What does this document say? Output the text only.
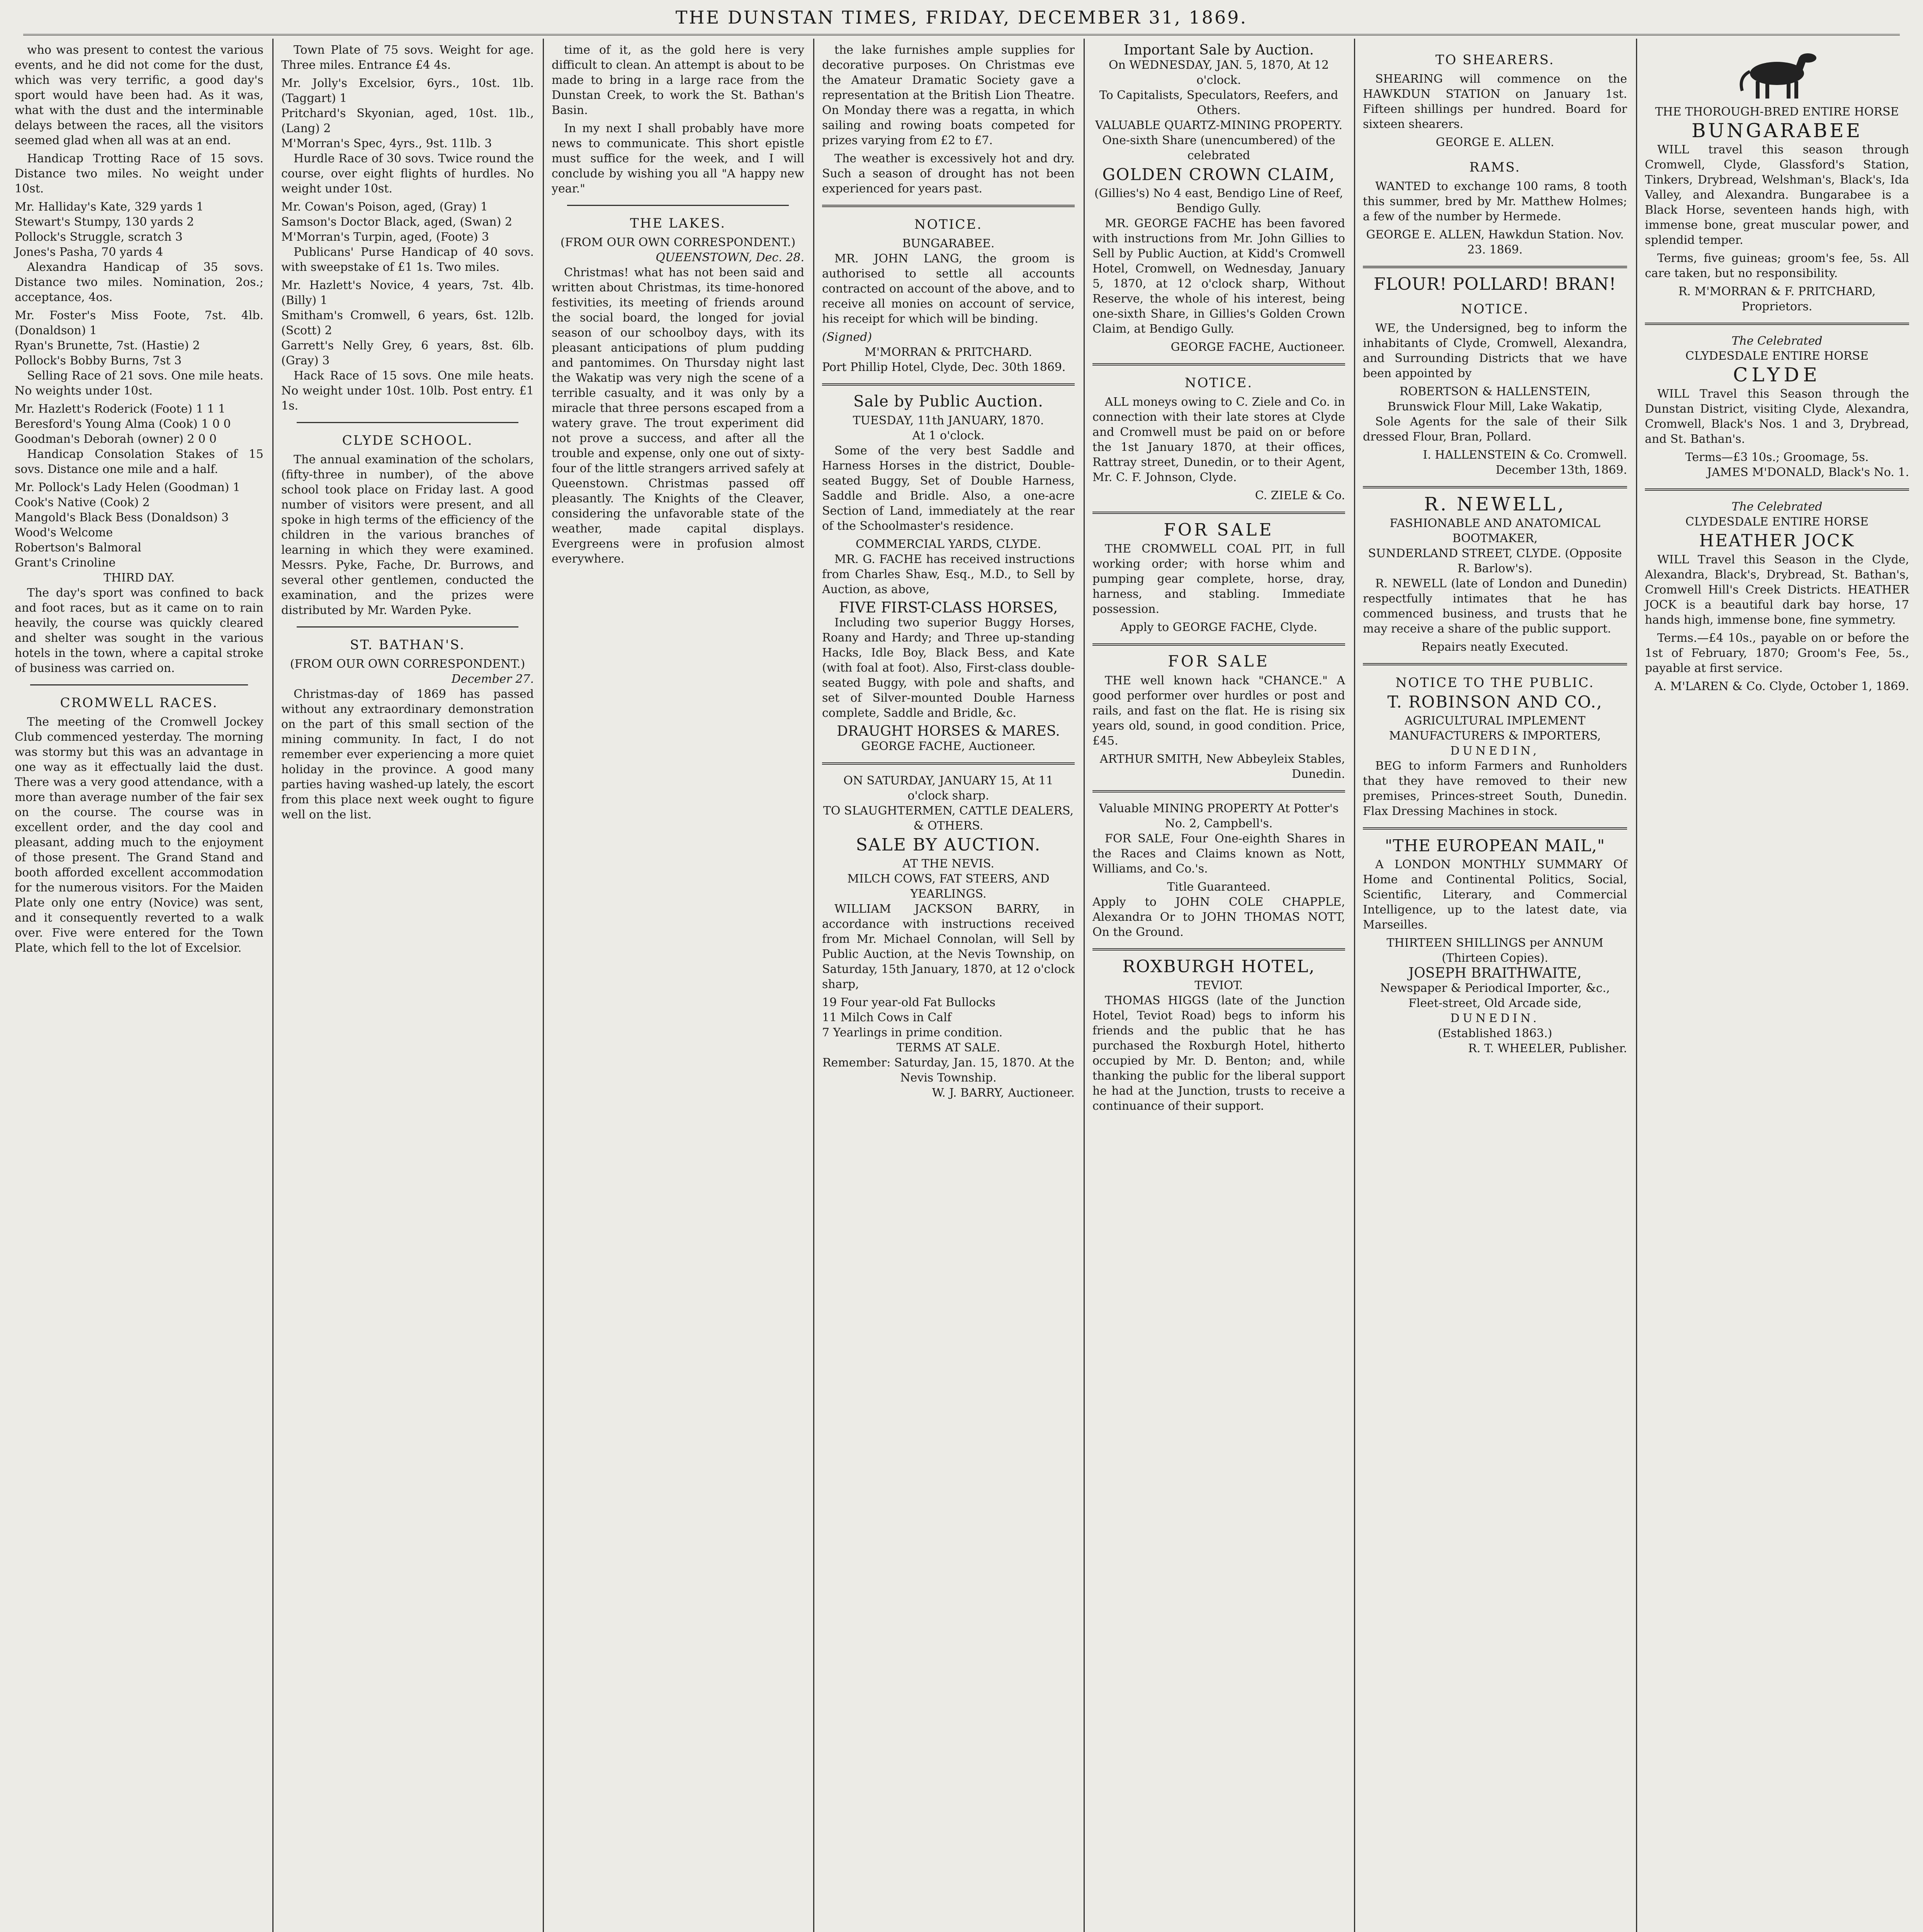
THE DUNSTAN TIMES, FRIDAY, DECEMBER 31, 1869.

who was present to contest the various events, and he did not come for the dust, which was very terrific, a good day's sport would have been had. As it was, what with the dust and the interminable delays between the races, all the visitors seemed glad when all was at an end.

Handicap Trotting Race of 15 sovs. Distance two miles. No weight under 10st.

Mr. Halliday's Kate, 329 yards 1
Stewart's Stumpy, 130 yards 2
Pollock's Struggle, scratch 3
Jones's Pasha, 70 yards 4

Alexandra Handicap of 35 sovs. Distance two miles. Nomination, 2os.; acceptance, 4os.

Mr. Foster's Miss Foote, 7st. 4lb. (Donaldson) 1
Ryan's Brunette, 7st. (Hastie) 2
Pollock's Bobby Burns, 7st 3

Selling Race of 21 sovs. One mile heats. No weights under 10st.

Mr. Hazlett's Roderick (Foote) 1 1 1
Beresford's Young Alma (Cook) 1 0 0
Goodman's Deborah (owner) 2 0 0

Handicap Consolation Stakes of 15 sovs. Distance one mile and a half.

Mr. Pollock's Lady Helen (Goodman) 1
Cook's Native (Cook) 2
Mangold's Black Bess (Donaldson) 3
Wood's Welcome
Robertson's Balmoral
Grant's Crinoline
THIRD DAY.

The day's sport was confined to back and foot races, but as it came on to rain heavily, the course was quickly cleared and shelter was sought in the various hotels in the town, where a capital stroke of business was carried on.

CROMWELL RACES.

The meeting of the Cromwell Jockey Club commenced yesterday. The morning was stormy but this was an advantage in one way as it effectually laid the dust. There was a very good attendance, with a more than average number of the fair sex on the course. The course was in excellent order, and the day cool and pleasant, adding much to the enjoyment of those present. The Grand Stand and booth afforded excellent accommodation for the numerous visitors. For the Maiden Plate only one entry (Novice) was sent, and it consequently reverted to a walk over. Five were entered for the Town Plate, which fell to the lot of Excelsior.

Town Plate of 75 sovs. Weight for age. Three miles. Entrance £4 4s.

Mr. Jolly's Excelsior, 6yrs., 10st. 1lb. (Taggart) 1
Pritchard's Skyonian, aged, 10st. 1lb., (Lang) 2
M'Morran's Spec, 4yrs., 9st. 11lb. 3

Hurdle Race of 30 sovs. Twice round the course, over eight flights of hurdles. No weight under 10st.

Mr. Cowan's Poison, aged, (Gray) 1
Samson's Doctor Black, aged, (Swan) 2
M'Morran's Turpin, aged, (Foote) 3

Publicans' Purse Handicap of 40 sovs. with sweepstake of £1 1s. Two miles.

Mr. Hazlett's Novice, 4 years, 7st. 4lb. (Billy) 1
Smitham's Cromwell, 6 years, 6st. 12lb. (Scott) 2
Garrett's Nelly Grey, 6 years, 8st. 6lb. (Gray) 3

Hack Race of 15 sovs. One mile heats. No weight under 10st. 10lb. Post entry. £1 1s.

CLYDE SCHOOL.

The annual examination of the scholars, (fifty-three in number), of the above school took place on Friday last. A good number of visitors were present, and all spoke in high terms of the efficiency of the children in the various branches of learning in which they were examined. Messrs. Pyke, Fache, Dr. Burrows, and several other gentlemen, conducted the examination, and the prizes were distributed by Mr. Warden Pyke.

ST. BATHAN'S.
(FROM OUR OWN CORRESPONDENT.)
December 27.

Christmas-day of 1869 has passed without any extraordinary demonstration on the part of this small section of the mining community. In fact, I do not remember ever experiencing a more quiet holiday in the province. A good many parties having washed-up lately, the escort from this place next week ought to figure well on the list.

time of it, as the gold here is very difficult to clean. An attempt is about to be made to bring in a large race from the Dunstan Creek, to work the St. Bathan's Basin.

In my next I shall probably have more news to communicate. This short epistle must suffice for the week, and I will conclude by wishing you all "A happy new year."

THE LAKES.
(FROM OUR OWN CORRESPONDENT.)
QUEENSTOWN, Dec. 28.

Christmas! what has not been said and written about Christmas, its time-honored festivities, its meeting of friends around the social board, the longed for jovial season of our schoolboy days, with its pleasant anticipations of plum pudding and pantomimes. On Thursday night last the Wakatip was very nigh the scene of a terrible casualty, and it was only by a miracle that three persons escaped from a watery grave. The trout experiment did not prove a success, and after all the trouble and expense, only one out of sixty-four of the little strangers arrived safely at Queenstown. Christmas passed off pleasantly. The Knights of the Cleaver, considering the unfavorable state of the weather, made capital displays. Evergreens were in profusion almost everywhere.

the lake furnishes ample supplies for decorative purposes. On Christmas eve the Amateur Dramatic Society gave a representation at the British Lion Theatre. On Monday there was a regatta, in which sailing and rowing boats competed for prizes varying from £2 to £7.

The weather is excessively hot and dry. Such a season of drought has not been experienced for years past.

NOTICE.
BUNGARABEE.

MR. JOHN LANG, the groom is authorised to settle all accounts contracted on account of the above, and to receive all monies on account of service, his receipt for which will be binding.

(Signed)
M'MORRAN & PRITCHARD.
Port Phillip Hotel, Clyde, Dec. 30th 1869.
Sale by Public Auction.
TUESDAY, 11th JANUARY, 1870.
At 1 o'clock.

Some of the very best Saddle and Harness Horses in the district, Double-seated Buggy, Set of Double Harness, Saddle and Bridle. Also, a one-acre Section of Land, immediately at the rear of the Schoolmaster's residence.

COMMERCIAL YARDS, CLYDE.

MR. G. FACHE has received instructions from Charles Shaw, Esq., M.D., to Sell by Auction, as above,

FIVE FIRST-CLASS HORSES,

Including two superior Buggy Horses, Roany and Hardy; and Three up-standing Hacks, Idle Boy, Black Bess, and Kate (with foal at foot). Also, First-class double-seated Buggy, with pole and shafts, and set of Silver-mounted Double Harness complete, Saddle and Bridle, &c.

DRAUGHT HORSES & MARES.
GEORGE FACHE, Auctioneer.
ON SATURDAY, JANUARY 15, At 11 o'clock sharp.
TO SLAUGHTERMEN, CATTLE DEALERS, & OTHERS.
SALE BY AUCTION.
AT THE NEVIS.
MILCH COWS, FAT STEERS, AND YEARLINGS.

WILLIAM JACKSON BARRY, in accordance with instructions received from Mr. Michael Connolan, will Sell by Public Auction, at the Nevis Township, on Saturday, 15th January, 1870, at 12 o'clock sharp,

19 Four year-old Fat Bullocks
11 Milch Cows in Calf
7 Yearlings in prime condition.
TERMS AT SALE.
Remember: Saturday, Jan. 15, 1870. At the Nevis Township.
W. J. BARRY, Auctioneer.
Important Sale by Auction.
On WEDNESDAY, JAN. 5, 1870, At 12 o'clock.
To Capitalists, Speculators, Reefers, and Others.
VALUABLE QUARTZ-MINING PROPERTY.
One-sixth Share (unencumbered) of the celebrated
GOLDEN CROWN CLAIM,
(Gillies's) No 4 east, Bendigo Line of Reef, Bendigo Gully.

MR. GEORGE FACHE has been favored with instructions from Mr. John Gillies to Sell by Public Auction, at Kidd's Cromwell Hotel, Cromwell, on Wednesday, January 5, 1870, at 12 o'clock sharp, Without Reserve, the whole of his interest, being one-sixth Share, in Gillies's Golden Crown Claim, at Bendigo Gully.

GEORGE FACHE, Auctioneer.
NOTICE.

ALL moneys owing to C. Ziele and Co. in connection with their late stores at Clyde and Cromwell must be paid on or before the 1st January 1870, at their offices, Rattray street, Dunedin, or to their Agent, Mr. C. F. Johnson, Clyde.

C. ZIELE & Co.
FOR SALE

THE CROMWELL COAL PIT, in full working order; with horse whim and pumping gear complete, horse, dray, harness, and stabling. Immediate possession.

Apply to GEORGE FACHE, Clyde.
FOR SALE

THE well known hack "CHANCE." A good performer over hurdles or post and rails, and fast on the flat. He is rising six years old, sound, in good condition. Price, £45.

ARTHUR SMITH, New Abbeyleix Stables, Dunedin.
Valuable MINING PROPERTY At Potter's No. 2, Campbell's.

FOR SALE, Four One-eighth Shares in the Races and Claims known as Nott, Williams, and Co.'s.

Title Guaranteed.
Apply to JOHN COLE CHAPPLE, Alexandra Or to JOHN THOMAS NOTT, On the Ground.
ROXBURGH HOTEL,
TEVIOT.

THOMAS HIGGS (late of the Junction Hotel, Teviot Road) begs to inform his friends and the public that he has purchased the Roxburgh Hotel, hitherto occupied by Mr. D. Benton; and, while thanking the public for the liberal support he had at the Junction, trusts to receive a continuance of their support.

TO SHEARERS.

SHEARING will commence on the HAWKDUN STATION on January 1st. Fifteen shillings per hundred. Board for sixteen shearers.

GEORGE E. ALLEN.
RAMS.

WANTED to exchange 100 rams, 8 tooth this summer, bred by Mr. Matthew Holmes; a few of the number by Hermede.

GEORGE E. ALLEN, Hawkdun Station. Nov. 23. 1869.
FLOUR! POLLARD! BRAN!
NOTICE.

WE, the Undersigned, beg to inform the inhabitants of Clyde, Cromwell, Alexandra, and Surrounding Districts that we have been appointed by

ROBERTSON & HALLENSTEIN,
Brunswick Flour Mill, Lake Wakatip,

Sole Agents for the sale of their Silk dressed Flour, Bran, Pollard.

I. HALLENSTEIN & Co. Cromwell. December 13th, 1869.
R. NEWELL,
FASHIONABLE AND ANATOMICAL BOOTMAKER,
SUNDERLAND STREET, CLYDE. (Opposite R. Barlow's).

R. NEWELL (late of London and Dunedin) respectfully intimates that he has commenced business, and trusts that he may receive a share of the public support.

Repairs neatly Executed.
NOTICE TO THE PUBLIC.
T. ROBINSON AND CO.,
AGRICULTURAL IMPLEMENT MANUFACTURERS & IMPORTERS,
DUNEDIN,

BEG to inform Farmers and Runholders that they have removed to their new premises, Princes-street South, Dunedin. Flax Dressing Machines in stock.

"THE EUROPEAN MAIL,"

A LONDON MONTHLY SUMMARY Of Home and Continental Politics, Social, Scientific, Literary, and Commercial Intelligence, up to the latest date, via Marseilles.

THIRTEEN SHILLINGS per ANNUM (Thirteen Copies).
JOSEPH BRAITHWAITE,
Newspaper & Periodical Importer, &c., Fleet-street, Old Arcade side,
DUNEDIN.
(Established 1863.)
R. T. WHEELER, Publisher.
THE THOROUGH-BRED ENTIRE HORSE
BUNGARABEE

WILL travel this season through Cromwell, Clyde, Glassford's Station, Tinkers, Drybread, Welshman's, Black's, Ida Valley, and Alexandra. Bungarabee is a Black Horse, seventeen hands high, with immense bone, great muscular power, and splendid temper.

Terms, five guineas; groom's fee, 5s. All care taken, but no responsibility.

R. M'MORRAN & F. PRITCHARD, Proprietors.
The Celebrated
CLYDESDALE ENTIRE HORSE
CLYDE

WILL Travel this Season through the Dunstan District, visiting Clyde, Alexandra, Cromwell, Black's Nos. 1 and 3, Drybread, and St. Bathan's.

Terms—£3 10s.; Groomage, 5s.
JAMES M'DONALD, Black's No. 1.
The Celebrated
CLYDESDALE ENTIRE HORSE
HEATHER JOCK

WILL Travel this Season in the Clyde, Alexandra, Black's, Drybread, St. Bathan's, Cromwell Hill's Creek Districts. HEATHER JOCK is a beautiful dark bay horse, 17 hands high, immense bone, fine symmetry.

Terms.—£4 10s., payable on or before the 1st of February, 1870; Groom's Fee, 5s., payable at first service.

A. M'LAREN & Co. Clyde, October 1, 1869.
